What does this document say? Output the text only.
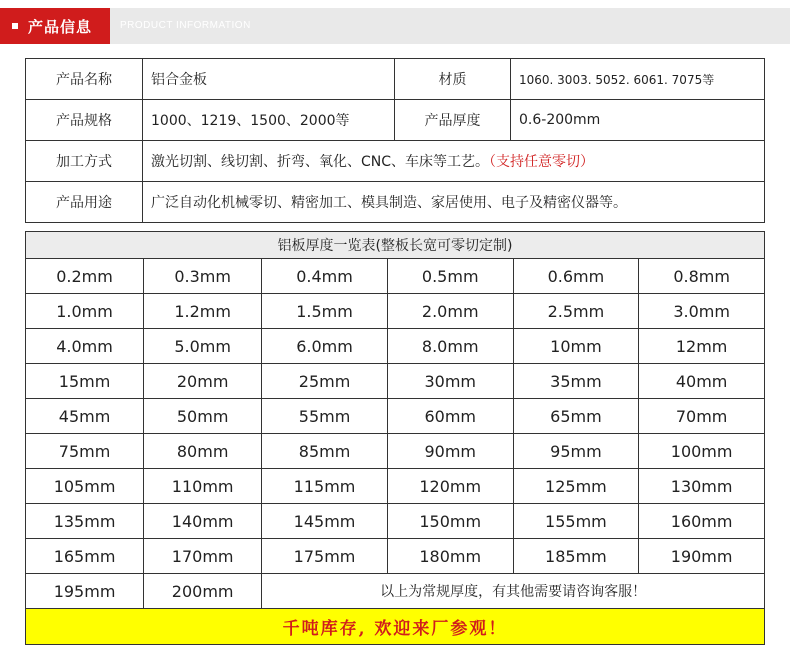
产品信息	PRODUCT INFORMATION
产品名称	铝合金板	材质	1060. 3003. 5052. 6061. 7075等
产品规格	1000、1219、1500、2000等	产品厚度	0.6-200mm
加工方式	激光切割、线切割、折弯、氧化、CNC、车床等工艺。（支持任意零切）		
产品用途	广泛自动化机械零切、精密加工、模具制造、家居使用、电子及精密仪器等。		
铝板厚度一览表(整板长宽可零切定制)					
0.2mm	0.3mm	0.4mm	0.5mm	0.6mm	0.8mm
1.0mm	1.2mm	1.5mm	2.0mm	2.5mm	3.0mm
4.0mm	5.0mm	6.0mm	8.0mm	10mm	12mm
15mm	20mm	25mm	30mm	35mm	40mm
45mm	50mm	55mm	60mm	65mm	70mm
75mm	80mm	85mm	90mm	95mm	100mm
105mm	110mm	115mm	120mm	125mm	130mm
135mm	140mm	145mm	150mm	155mm	160mm
165mm	170mm	175mm	180mm	185mm	190mm
195mm	200mm	以上为常规厚度，有其他需要请咨询客服！			
千吨库存, 欢迎来厂参观！					
